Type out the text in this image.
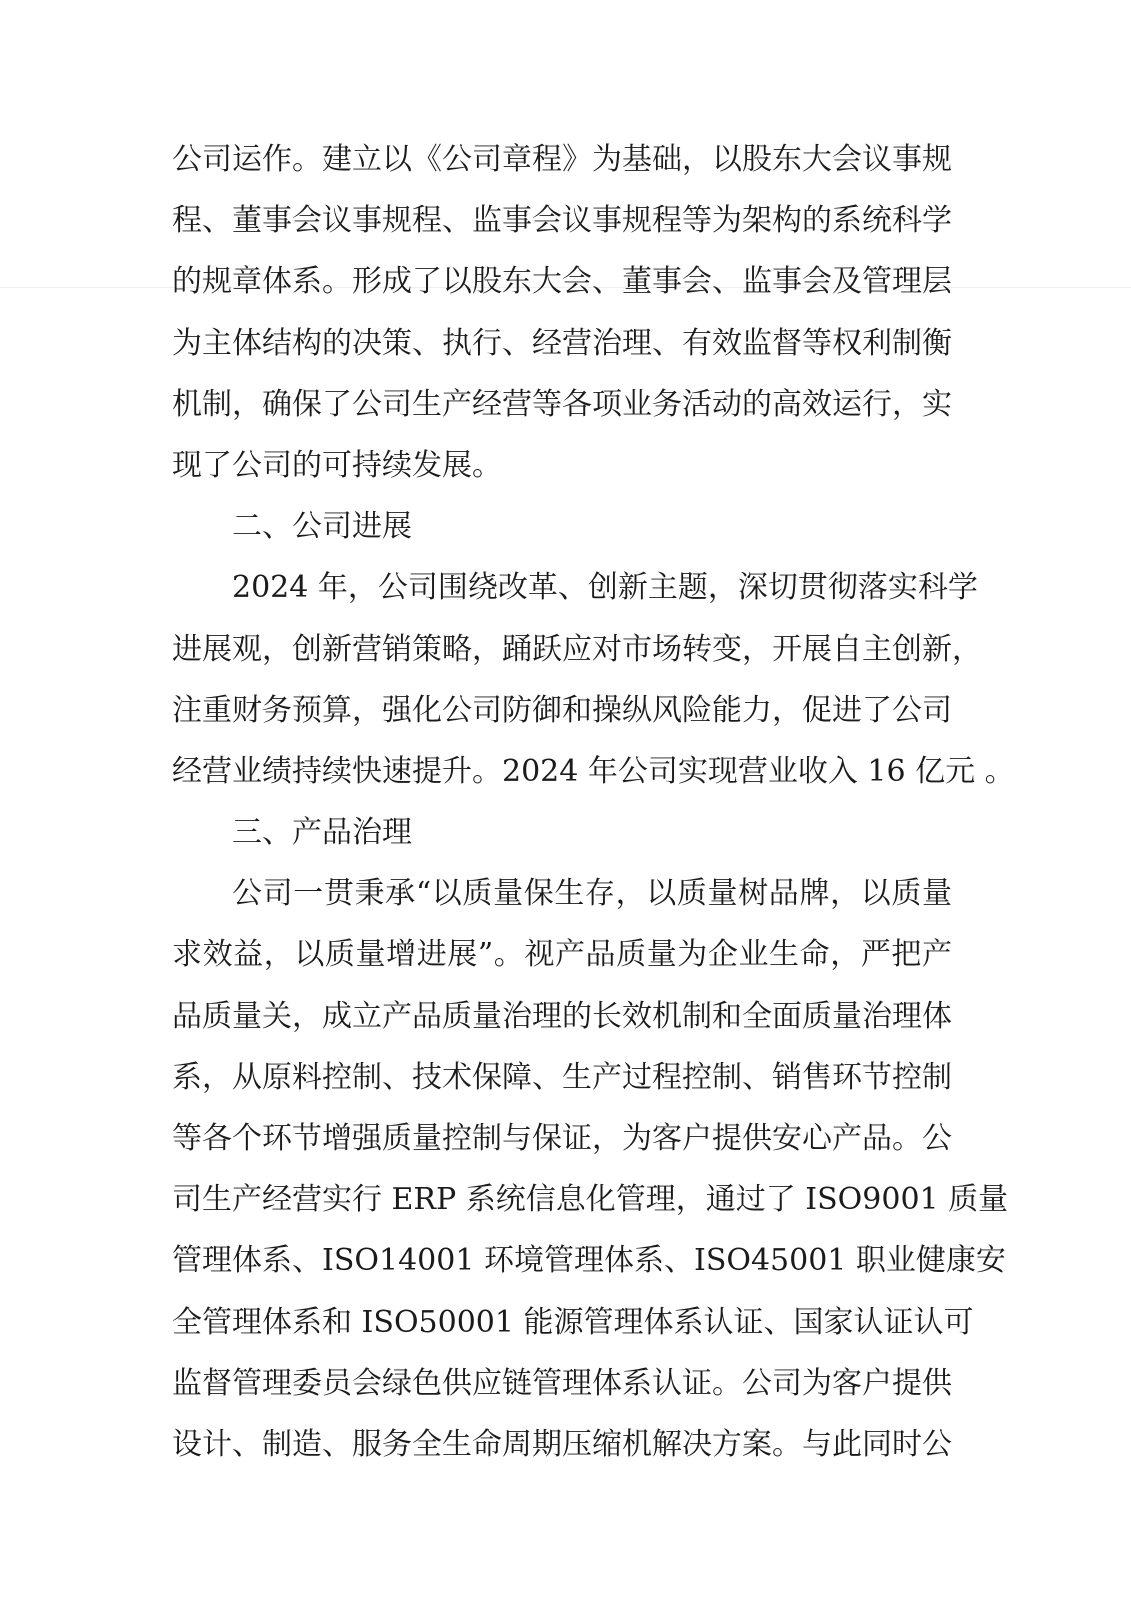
公司运作。建立以《公司章程》为基础，以股东大会议事规
程、董事会议事规程、监事会议事规程等为架构的系统科学
的规章体系。形成了以股东大会、董事会、监事会及管理层
为主体结构的决策、执行、经营治理、有效监督等权利制衡
机制，确保了公司生产经营等各项业务活动的高效运行，实
现了公司的可持续发展。
二、公司进展
2024 年，公司围绕改革、创新主题，深切贯彻落实科学
进展观，创新营销策略，踊跃应对市场转变，开展自主创新，
注重财务预算，强化公司防御和操纵风险能力，促进了公司
经营业绩持续快速提升。2024 年公司实现营业收入 16 亿元 。
三、产品治理
公司一贯秉承“以质量保生存，以质量树品牌，以质量
求效益，以质量增进展”。视产品质量为企业生命，严把产
品质量关，成立产品质量治理的长效机制和全面质量治理体
系，从原料控制、技术保障、生产过程控制、销售环节控制
等各个环节增强质量控制与保证，为客户提供安心产品。公
司生产经营实行 ERP 系统信息化管理，通过了 ISO9001 质量
管理体系、ISO14001 环境管理体系、ISO45001 职业健康安
全管理体系和 ISO50001 能源管理体系认证、国家认证认可
监督管理委员会绿色供应链管理体系认证。公司为客户提供
设计、制造、服务全生命周期压缩机解决方案。与此同时公
